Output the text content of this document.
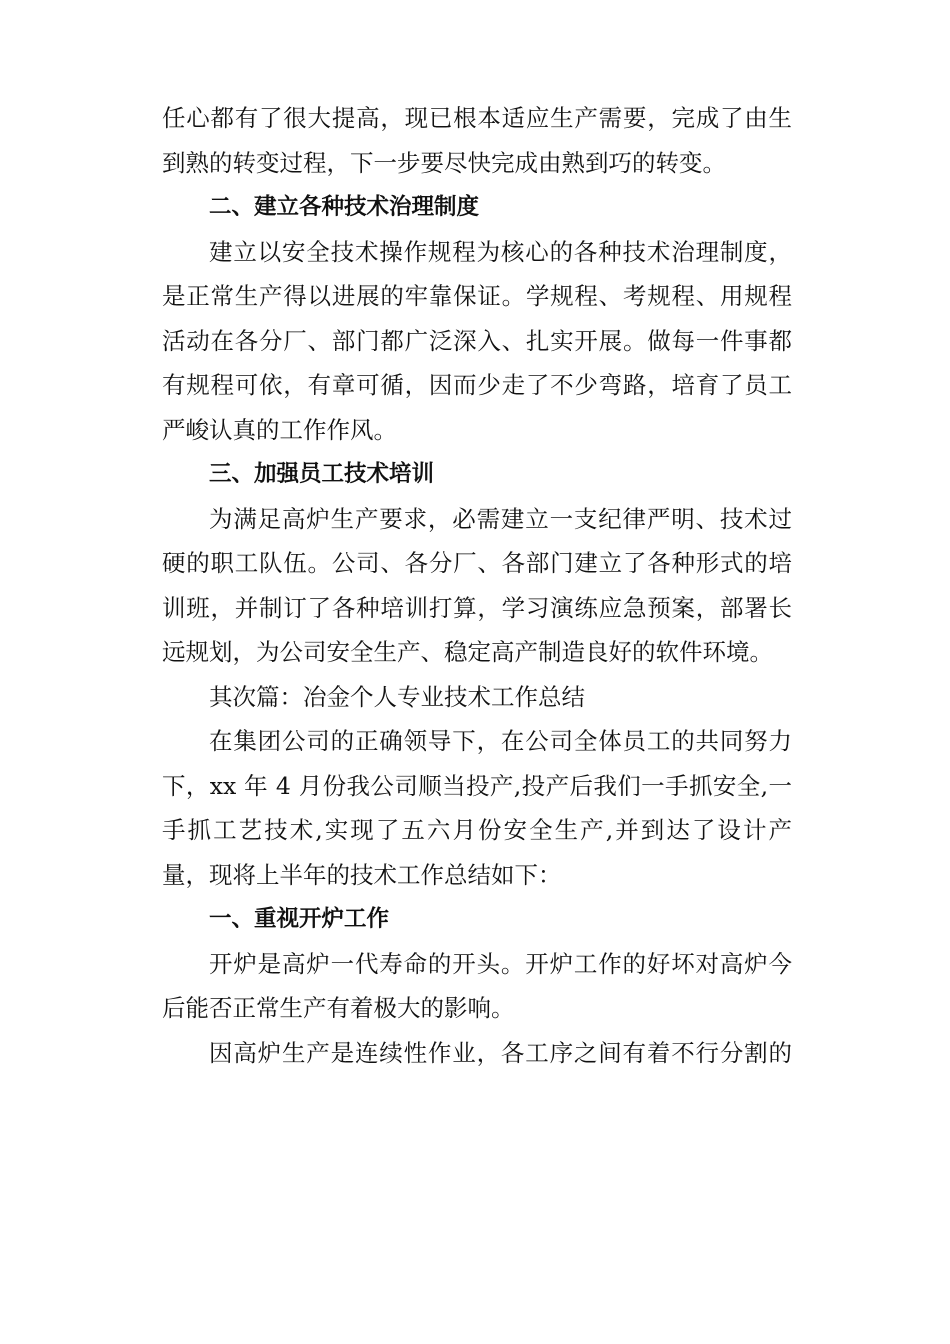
任心都有了很大提高，现已根本适应生产需要，完成了由生
到熟的转变过程，下一步要尽快完成由熟到巧的转变。
二、建立各种技术治理制度
建立以安全技术操作规程为核心的各种技术治理制度，
是正常生产得以进展的牢靠保证。学规程、考规程、用规程
活动在各分厂、部门都广泛深入、扎实开展。做每一件事都
有规程可依，有章可循，因而少走了不少弯路，培育了员工
严峻认真的工作作风。
三、加强员工技术培训
为满足高炉生产要求，必需建立一支纪律严明、技术过
硬的职工队伍。公司、各分厂、各部门建立了各种形式的培
训班，并制订了各种培训打算，学习演练应急预案，部署长
远规划，为公司安全生产、稳定高产制造良好的软件环境。
其次篇：冶金个人专业技术工作总结
在集团公司的正确领导下，在公司全体员工的共同努力
下，xx 年 4 月份我公司顺当投产,投产后我们一手抓安全,一
手抓工艺技术,实现了五六月份安全生产,并到达了设计产
量，现将上半年的技术工作总结如下：
一、重视开炉工作
开炉是高炉一代寿命的开头。开炉工作的好坏对高炉今
后能否正常生产有着极大的影响。
因高炉生产是连续性作业，各工序之间有着不行分割的
